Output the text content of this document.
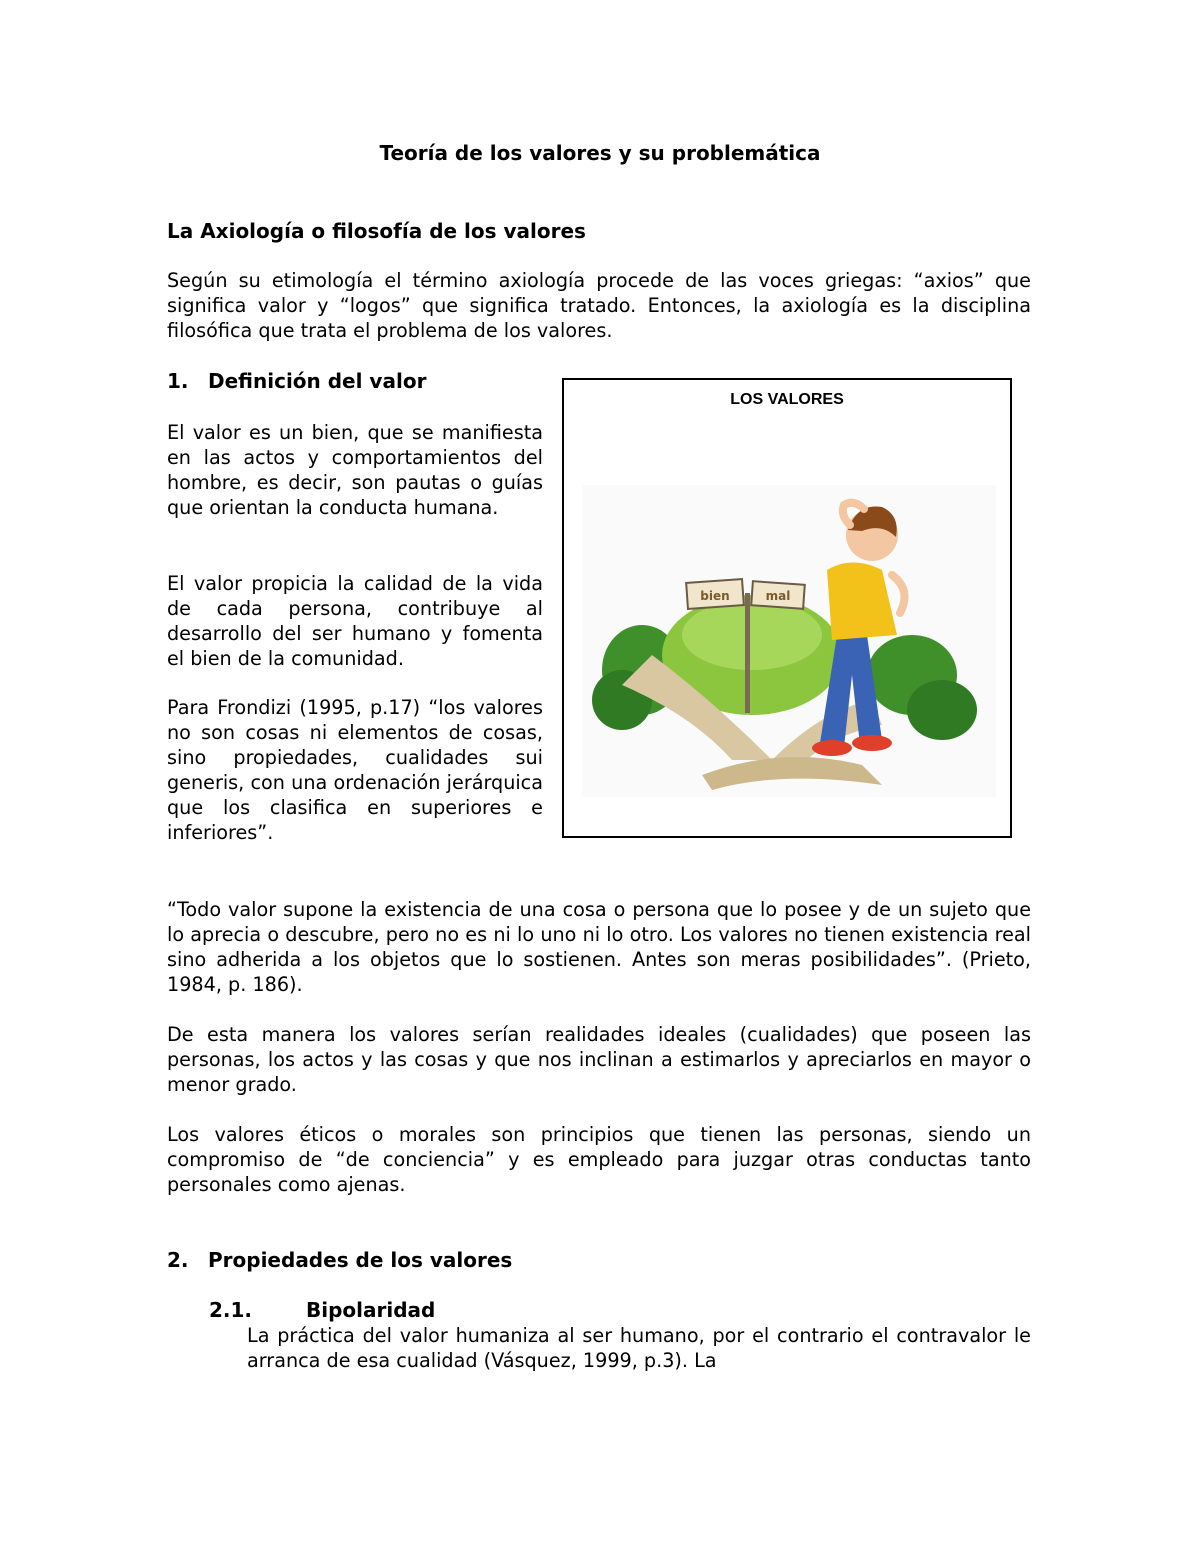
Teoría de los valores y su problemática
La Axiología o filosofía de los valores
Según su etimología el término axiología procede de las voces griegas: “axios” que significa valor y “logos” que significa tratado. Entonces, la axiología es la disciplina filosófica que trata el problema de los valores.
1. Definición del valor
El valor es un bien, que se manifiesta en las actos y comportamientos del hombre, es decir, son pautas o guías que orientan la conducta humana.
El valor propicia la calidad de la vida de cada persona, contribuye al desarrollo del ser humano y fomenta el bien de la comunidad.
Para Frondizi (1995, p.17) “los valores no son cosas ni elementos de cosas, sino propiedades, cualidades sui generis, con una ordenación jerárquica que los clasifica en superiores e inferiores”.
LOS VALORES
bien	mal
“Todo valor supone la existencia de una cosa o persona que lo posee y de un sujeto que lo aprecia o descubre, pero no es ni lo uno ni lo otro. Los valores no tienen existencia real sino adherida a los objetos que lo sostienen. Antes son meras posibilidades”. (Prieto, 1984, p. 186).
De esta manera los valores serían realidades ideales (cualidades) que poseen las personas, los actos y las cosas y que nos inclinan a estimarlos y apreciarlos en mayor o menor grado.
Los valores éticos o morales son principios que tienen las personas, siendo un compromiso de “de conciencia” y es empleado para juzgar otras conductas tanto personales como ajenas.
2. Propiedades de los valores
2.1.	Bipolaridad
La práctica del valor humaniza al ser humano, por el contrario el contravalor le arranca de esa cualidad (Vásquez, 1999, p.3). La
